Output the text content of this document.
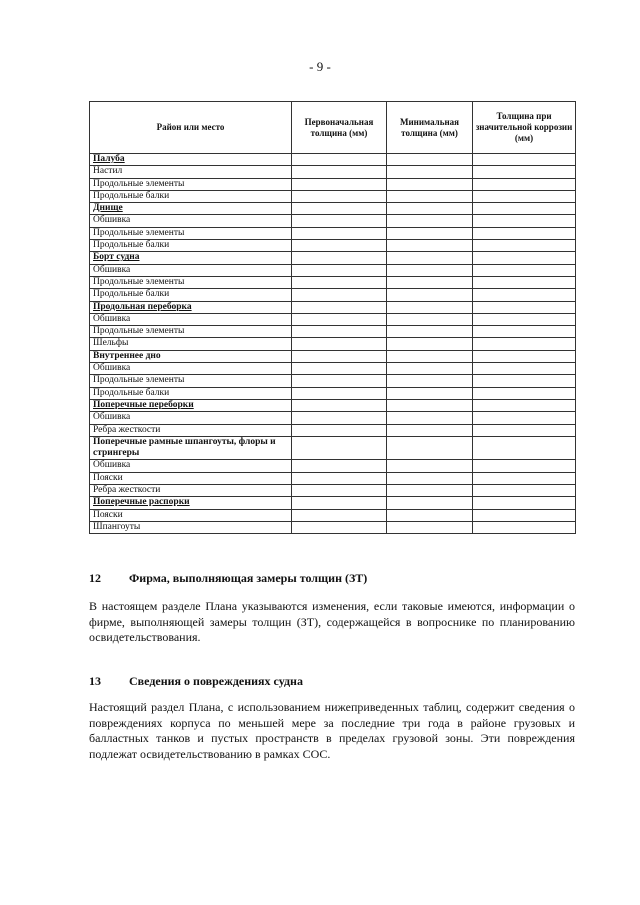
- 9 -
Район или место	Первоначальная толщина (мм)	Минимальная толщина (мм)	Толщина при значительной коррозии (мм)
Палуба			
Настил			
Продольные элементы			
Продольные балки			
Днище			
Обшивка			
Продольные элементы			
Продольные балки			
Борт судна			
Обшивка			
Продольные элементы			
Продольные балки			
Продольная переборка			
Обшивка			
Продольные элементы			
Шельфы			
Внутреннее дно			
Обшивка			
Продольные элементы			
Продольные балки			
Поперечные переборки			
Обшивка			
Ребра жесткости			
Поперечные рамные шпангоуты, флоры и стрингеры			
Обшивка			
Пояски			
Ребра жесткости			
Поперечные распорки			
Пояски			
Шпангоуты			
12 Фирма, выполняющая замеры толщин (ЗТ)
В настоящем разделе Плана указываются изменения, если таковые имеются, информации о фирме, выполняющей замеры толщин (ЗТ), содержащейся в вопроснике по планированию освидетельствования.
13 Сведения о повреждениях судна
Настоящий раздел Плана, с использованием нижеприведенных таблиц, содержит сведения о повреждениях корпуса по меньшей мере за последние три года в районе грузовых и балластных танков и пустых пространств в пределах грузовой зоны. Эти повреждения подлежат освидетельствованию в рамках СОС.
